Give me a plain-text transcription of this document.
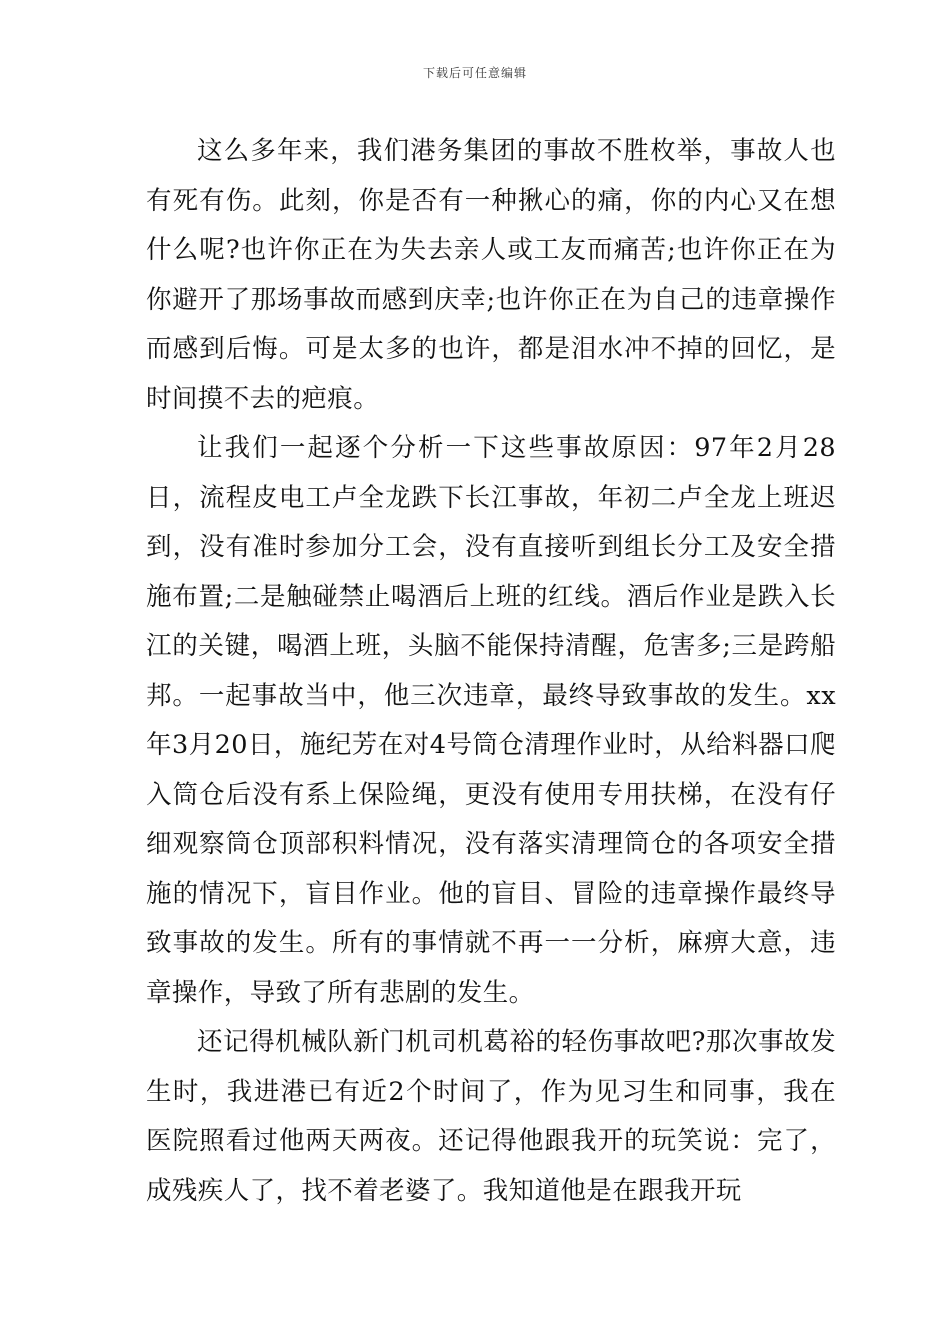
下载后可任意编辑

这么多年来，我们港务集团的事故不胜枚举，事故人也有死有伤。此刻，你是否有一种揪心的痛，你的内心又在想什么呢?也许你正在为失去亲人或工友而痛苦;也许你正在为你避开了那场事故而感到庆幸;也许你正在为自己的违章操作而感到后悔。可是太多的也许，都是泪水冲不掉的回忆，是时间摸不去的疤痕。

让我们一起逐个分析一下这些事故原因：97年2月28日，流程皮电工卢全龙跌下长江事故，年初二卢全龙上班迟到，没有准时参加分工会，没有直接听到组长分工及安全措施布置;二是触碰禁止喝酒后上班的红线。酒后作业是跌入长江的关键，喝酒上班，头脑不能保持清醒，危害多;三是跨船邦。一起事故当中，他三次违章，最终导致事故的发生。xx年3月20日，施纪芳在对4号筒仓清理作业时，从给料器口爬入筒仓后没有系上保险绳，更没有使用专用扶梯，在没有仔细观察筒仓顶部积料情况，没有落实清理筒仓的各项安全措施的情况下，盲目作业。他的盲目、冒险的违章操作最终导致事故的发生。所有的事情就不再一一分析，麻痹大意，违章操作，导致了所有悲剧的发生。

还记得机械队新门机司机葛裕的轻伤事故吧?那次事故发生时，我进港已有近2个时间了，作为见习生和同事，我在医院照看过他两天两夜。还记得他跟我开的玩笑说：完了，成残疾人了，找不着老婆了。我知道他是在跟我开玩
